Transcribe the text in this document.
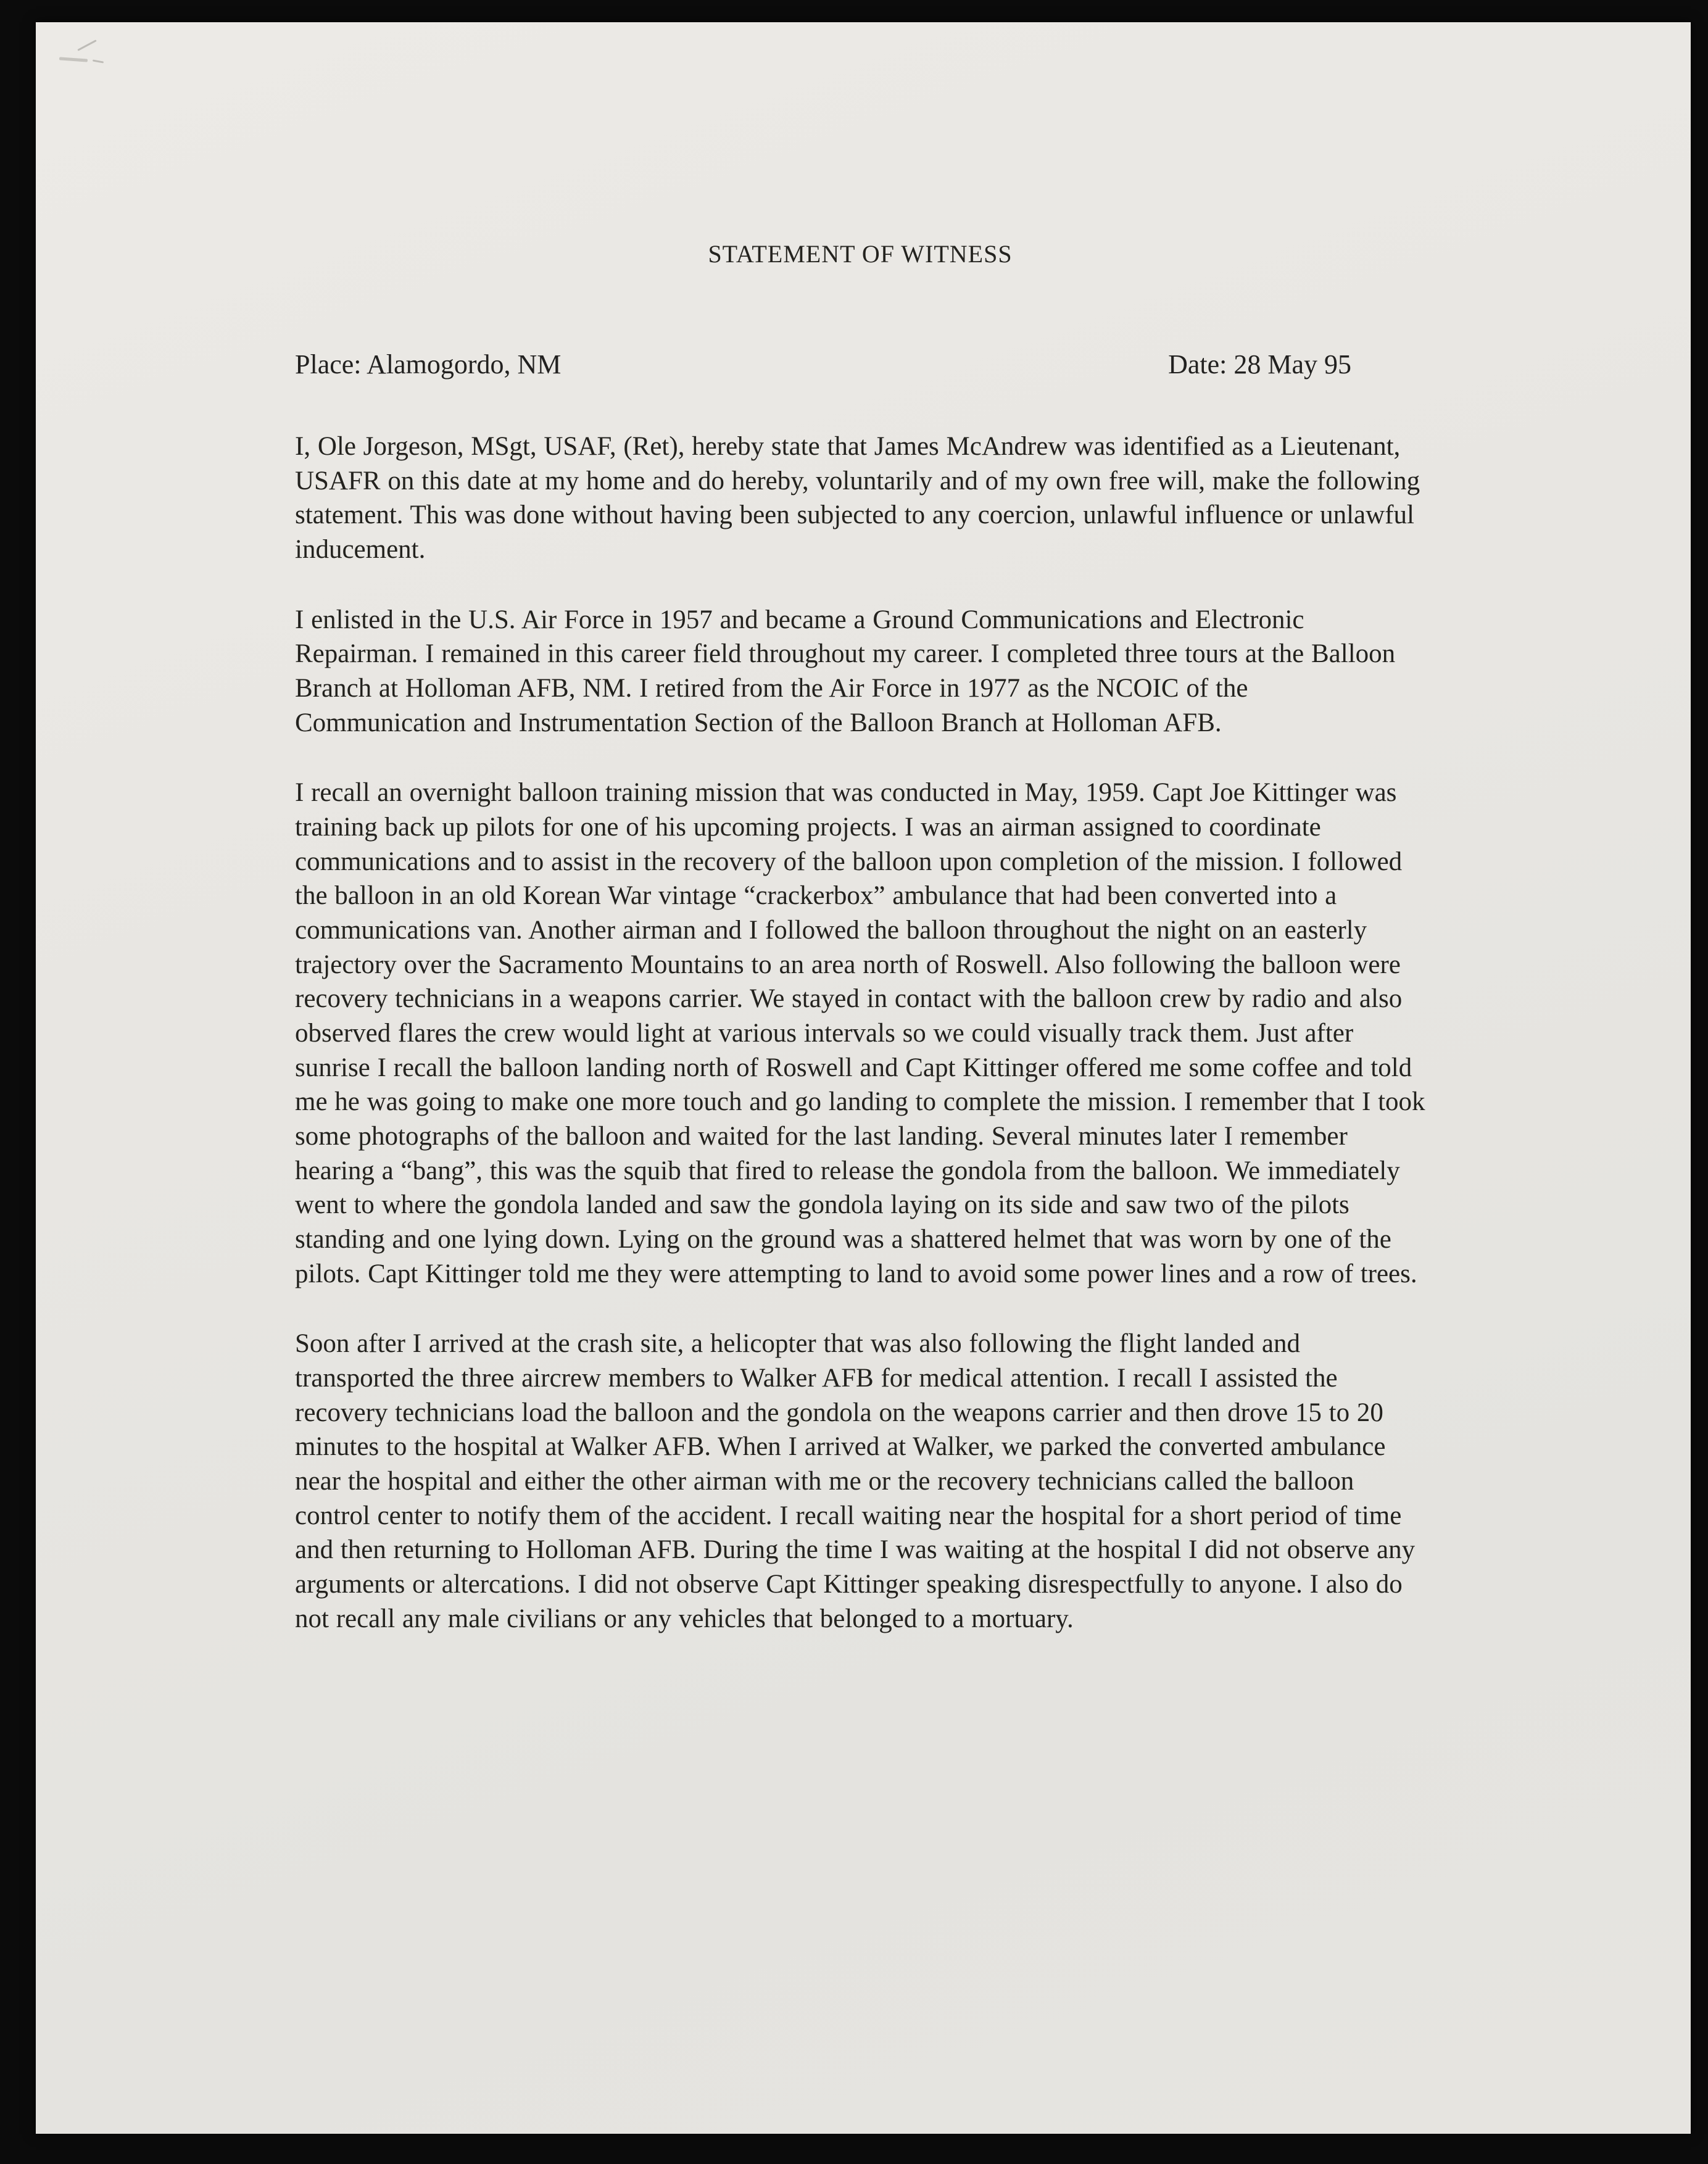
STATEMENT OF WITNESS
Place: Alamogordo, NM	Date: 28 May 95

I, Ole Jorgeson, MSgt, USAF, (Ret), hereby state that James McAndrew was identified as a Lieutenant, USAFR on this date at my home and do hereby, voluntarily and of my own free will, make the following statement. This was done without having been subjected to any coercion, unlawful influence or unlawful inducement.

I enlisted in the U.S. Air Force in 1957 and became a Ground Communications and Electronic Repairman. I remained in this career field throughout my career. I completed three tours at the Balloon Branch at Holloman AFB, NM. I retired from the Air Force in 1977 as the NCOIC of the Communication and Instrumentation Section of the Balloon Branch at Holloman AFB.

I recall an overnight balloon training mission that was conducted in May, 1959. Capt Joe Kittinger was training back up pilots for one of his upcoming projects. I was an airman assigned to coordinate communications and to assist in the recovery of the balloon upon completion of the mission. I followed the balloon in an old Korean War vintage “crackerbox” ambulance that had been converted into a communications van. Another airman and I followed the balloon throughout the night on an easterly trajectory over the Sacramento Mountains to an area north of Roswell. Also following the balloon were recovery technicians in a weapons carrier. We stayed in contact with the balloon crew by radio and also observed flares the crew would light at various intervals so we could visually track them. Just after sunrise I recall the balloon landing north of Roswell and Capt Kittinger offered me some coffee and told me he was going to make one more touch and go landing to complete the mission. I remember that I took some photographs of the balloon and waited for the last landing. Several minutes later I remember hearing a “bang”, this was the squib that fired to release the gondola from the balloon. We immediately went to where the gondola landed and saw the gondola laying on its side and saw two of the pilots standing and one lying down. Lying on the ground was a shattered helmet that was worn by one of the pilots. Capt Kittinger told me they were attempting to land to avoid some power lines and a row of trees.

Soon after I arrived at the crash site, a helicopter that was also following the flight landed and transported the three aircrew members to Walker AFB for medical attention. I recall I assisted the recovery technicians load the balloon and the gondola on the weapons carrier and then drove 15 to 20 minutes to the hospital at Walker AFB. When I arrived at Walker, we parked the converted ambulance near the hospital and either the other airman with me or the recovery technicians called the balloon control center to notify them of the accident. I recall waiting near the hospital for a short period of time and then returning to Holloman AFB. During the time I was waiting at the hospital I did not observe any arguments or altercations. I did not observe Capt Kittinger speaking disrespectfully to anyone. I also do not recall any male civilians or any vehicles that belonged to a mortuary.
